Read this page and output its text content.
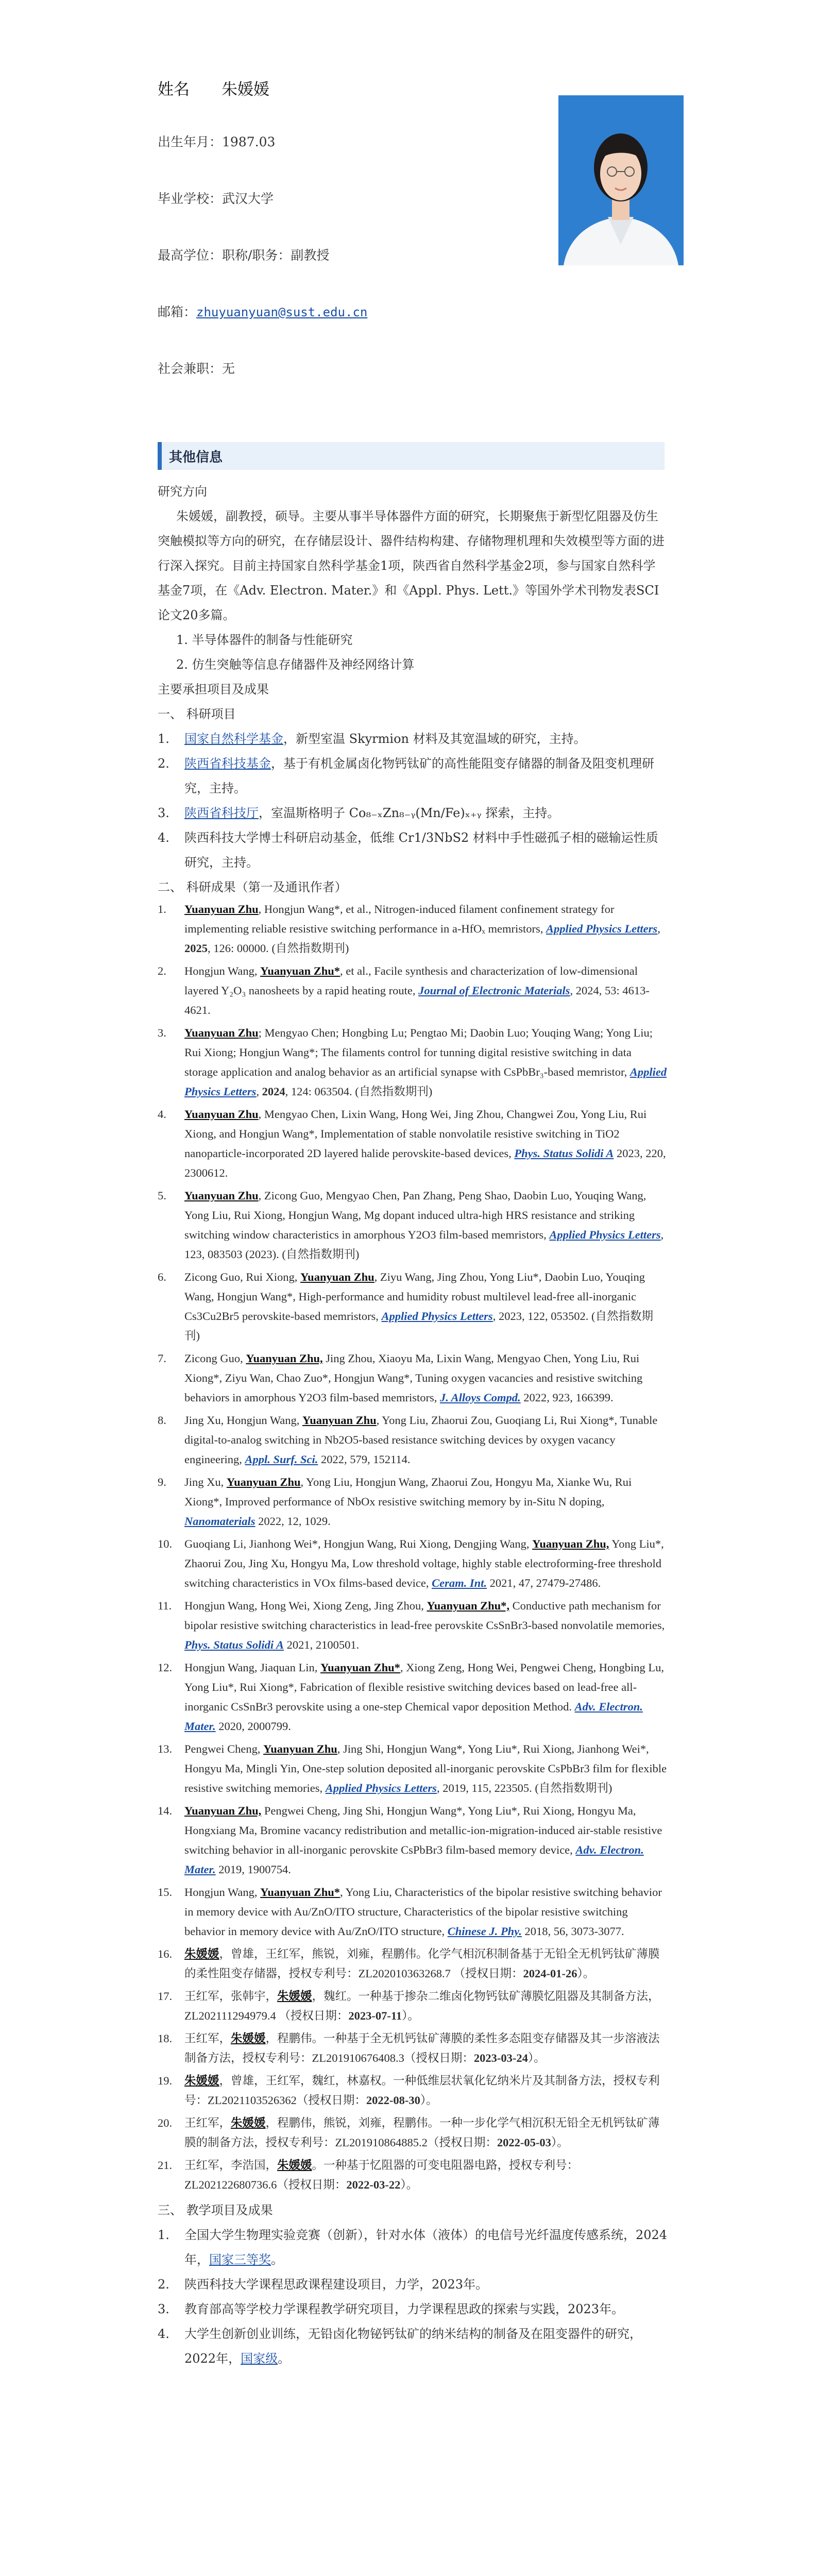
姓名	朱媛媛
出生年月：1987.03
毕业学校：武汉大学
最高学位：职称/职务：副教授
邮箱：zhuyuanyuan@sust.edu.cn
社会兼职：无
其他信息

研究方向

朱媛媛，副教授，硕导。主要从事半导体器件方面的研究，长期聚焦于新型忆阻器及仿生突触模拟等方向的研究，在存储层设计、器件结构构建、存储物理机理和失效模型等方面的进行深入探究。目前主持国家自然科学基金1项，陕西省自然科学基金2项，参与国家自然科学基金7项，在《Adv. Electron. Mater.》和《Appl. Phys. Lett.》等国外学术刊物发表SCI论文20多篇。

1. 半导体器件的制备与性能研究

2. 仿生突触等信息存储器件及神经网络计算

主要承担项目及成果

一、 科研项目

1.	国家自然科学基金，新型室温 Skyrmion 材料及其宽温域的研究，主持。
2.	陕西省科技基金，基于有机金属卤化物钙钛矿的高性能阻变存储器的制备及阻变机理研究，主持。
3.	陕西省科技厅，室温斯格明子 Co₈₋ₓZn₈₋ᵧ(Mn/Fe)ₓ₊ᵧ 探索，主持。
4.	陕西科技大学博士科研启动基金，低维 Cr1/3NbS2 材料中手性磁孤子相的磁输运性质研究，主持。

二、 科研成果（第一及通讯作者）

1.	Yuanyuan Zhu, Hongjun Wang*, et al., Nitrogen-induced filament confinement strategy for implementing reliable resistive switching performance in a-HfOₓ memristors, Applied Physics Letters, 2025, 126: 00000. (自然指数期刊)
2.	Hongjun Wang, Yuanyuan Zhu*, et al., Facile synthesis and characterization of low-dimensional layered Y₂O₃ nanosheets by a rapid heating route, Journal of Electronic Materials, 2024, 53: 4613-4621.
3.	Yuanyuan Zhu; Mengyao Chen; Hongbing Lu; Pengtao Mi; Daobin Luo; Youqing Wang; Yong Liu; Rui Xiong; Hongjun Wang*; The filaments control for tunning digital resistive switching in data storage application and analog behavior as an artificial synapse with CsPbBr₃-based memristor, Applied Physics Letters, 2024, 124: 063504. (自然指数期刊)
4.	Yuanyuan Zhu, Mengyao Chen, Lixin Wang, Hong Wei, Jing Zhou, Changwei Zou, Yong Liu, Rui Xiong, and Hongjun Wang*, Implementation of stable nonvolatile resistive switching in TiO2 nanoparticle-incorporated 2D layered halide perovskite-based devices, Phys. Status Solidi A 2023, 220, 2300612.
5.	Yuanyuan Zhu, Zicong Guo, Mengyao Chen, Pan Zhang, Peng Shao, Daobin Luo, Youqing Wang, Yong Liu, Rui Xiong, Hongjun Wang, Mg dopant induced ultra-high HRS resistance and striking switching window characteristics in amorphous Y2O3 film-based memristors, Applied Physics Letters, 123, 083503 (2023). (自然指数期刊)
6.	Zicong Guo, Rui Xiong, Yuanyuan Zhu, Ziyu Wang, Jing Zhou, Yong Liu*, Daobin Luo, Youqing Wang, Hongjun Wang*, High-performance and humidity robust multilevel lead-free all-inorganic Cs3Cu2Br5 perovskite-based memristors, Applied Physics Letters, 2023, 122, 053502. (自然指数期刊)
7.	Zicong Guo, Yuanyuan Zhu, Jing Zhou, Xiaoyu Ma, Lixin Wang, Mengyao Chen, Yong Liu, Rui Xiong*, Ziyu Wan, Chao Zuo*, Hongjun Wang*, Tuning oxygen vacancies and resistive switching behaviors in amorphous Y2O3 film-based memristors, J. Alloys Compd. 2022, 923, 166399.
8.	Jing Xu, Hongjun Wang, Yuanyuan Zhu, Yong Liu, Zhaorui Zou, Guoqiang Li, Rui Xiong*, Tunable digital-to-analog switching in Nb2O5-based resistance switching devices by oxygen vacancy engineering, Appl. Surf. Sci. 2022, 579, 152114.
9.	Jing Xu, Yuanyuan Zhu, Yong Liu, Hongjun Wang, Zhaorui Zou, Hongyu Ma, Xianke Wu, Rui Xiong*, Improved performance of NbOx resistive switching memory by in-Situ N doping, Nanomaterials 2022, 12, 1029.
10.	Guoqiang Li, Jianhong Wei*, Hongjun Wang, Rui Xiong, Dengjing Wang, Yuanyuan Zhu, Yong Liu*, Zhaorui Zou, Jing Xu, Hongyu Ma, Low threshold voltage, highly stable electroforming-free threshold switching characteristics in VOx films-based device, Ceram. Int. 2021, 47, 27479-27486.
11.	Hongjun Wang, Hong Wei, Xiong Zeng, Jing Zhou, Yuanyuan Zhu*, Conductive path mechanism for bipolar resistive switching characteristics in lead-free perovskite CsSnBr3-based nonvolatile memories, Phys. Status Solidi A 2021, 2100501.
12.	Hongjun Wang, Jiaquan Lin, Yuanyuan Zhu*, Xiong Zeng, Hong Wei, Pengwei Cheng, Hongbing Lu, Yong Liu*, Rui Xiong*, Fabrication of flexible resistive switching devices based on lead-free all-inorganic CsSnBr3 perovskite using a one-step Chemical vapor deposition Method. Adv. Electron. Mater. 2020, 2000799.
13.	Pengwei Cheng, Yuanyuan Zhu, Jing Shi, Hongjun Wang*, Yong Liu*, Rui Xiong, Jianhong Wei*, Hongyu Ma, Mingli Yin, One-step solution deposited all-inorganic perovskite CsPbBr3 film for flexible resistive switching memories, Applied Physics Letters, 2019, 115, 223505. (自然指数期刊)
14.	Yuanyuan Zhu, Pengwei Cheng, Jing Shi, Hongjun Wang*, Yong Liu*, Rui Xiong, Hongyu Ma, Hongxiang Ma, Bromine vacancy redistribution and metallic-ion-migration-induced air-stable resistive switching behavior in all-inorganic perovskite CsPbBr3 film-based memory device, Adv. Electron. Mater. 2019, 1900754.
15.	Hongjun Wang, Yuanyuan Zhu*, Yong Liu, Characteristics of the bipolar resistive switching behavior in memory device with Au/ZnO/ITO structure, Characteristics of the bipolar resistive switching behavior in memory device with Au/ZnO/ITO structure, Chinese J. Phy. 2018, 56, 3073-3077.
16.	朱媛媛，曾雄，王红军，熊锐，刘雍，程鹏伟。化学气相沉积制备基于无铅全无机钙钛矿薄膜的柔性阻变存储器，授权专利号：ZL202010363268.7 （授权日期：2024-01-26）。
17.	王红军，张韩宇，朱媛媛，魏红。一种基于掺杂二维卤化物钙钛矿薄膜忆阻器及其制备方法，ZL202111294979.4 （授权日期：2023-07-11）。
18.	王红军，朱媛媛，程鹏伟。一种基于全无机钙钛矿薄膜的柔性多态阻变存储器及其一步溶液法制备方法，授权专利号：ZL201910676408.3（授权日期：2023-03-24）。
19.	朱媛媛，曾雄，王红军，魏红，林嘉权。一种低维层状氧化钇纳米片及其制备方法，授权专利号：ZL202110352636​2（授权日期：2022-08-30）。
20.	王红军，朱媛媛，程鹏伟，熊锐，刘雍，程鹏伟。一种一步化学气相沉积无铅全无机钙钛矿薄膜的制备方法，授权专利号：ZL201910864885.2（授权日期：2022-05-03）。
21.	王红军，李浩国，朱媛媛。一种基于忆阻器的可变电阻器电路，授权专利号：ZL202122680736.6（授权日期：2022-03-22）。

三、 教学项目及成果

1.	全国大学生物理实验竞赛（创新），针对水体（液体）的电信号光纤温度传感系统，2024年，国家三等奖。
2.	陕西科技大学课程思政课程建设项目，力学，2023年。
3.	教育部高等学校力学课程教学研究项目，力学课程思政的探索与实践，2023年。
4.	大学生创新创业训练，无铅卤化物铋钙钛矿的纳米结构的制备及在阻变器件的研究，2022年，国家级。
